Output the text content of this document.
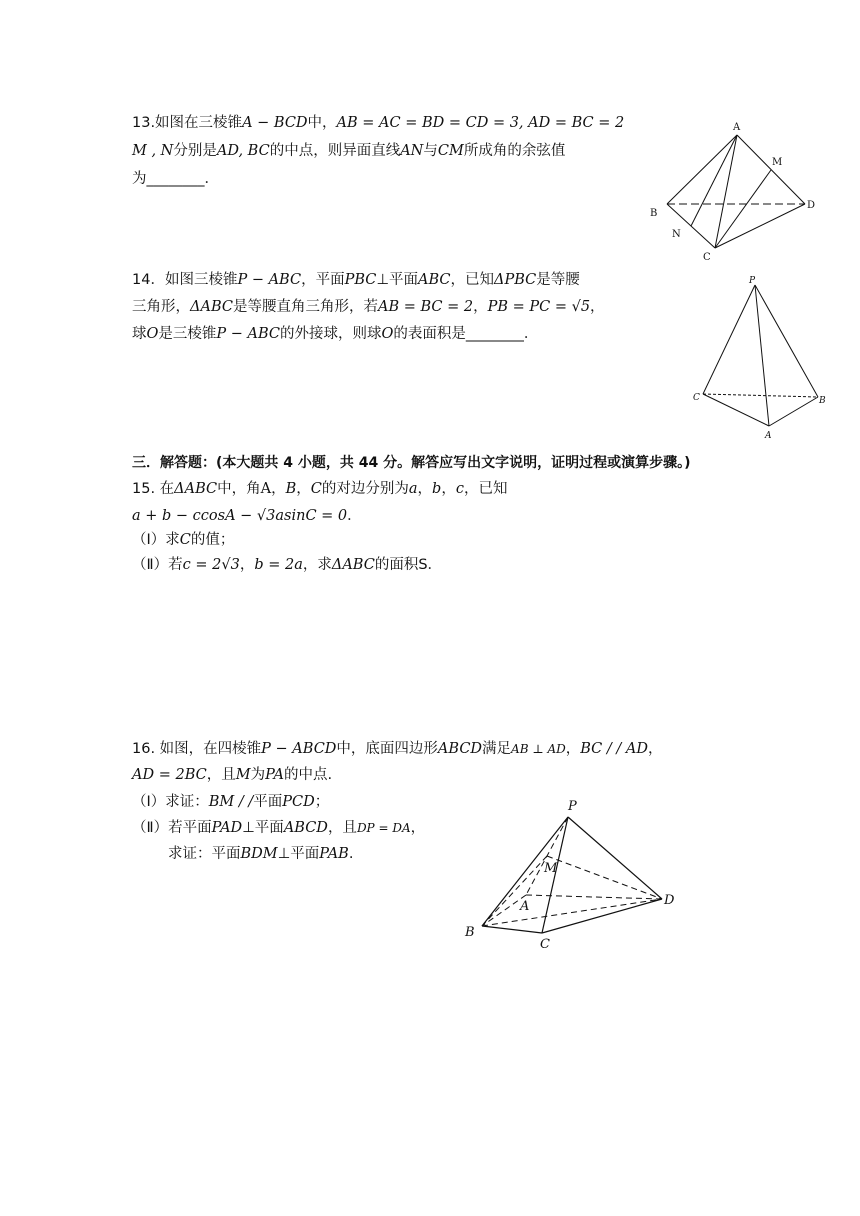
13.如图在三棱锥A − BCD中，AB = AC = BD = CD = 3, AD = BC = 2
M , N分别是AD, BC的中点，则异面直线AN与CM所成角的余弦值
为________．
A
B
C
D
M
N
14．如图三棱锥P − ABC，平面PBC⊥平面ABC，已知ΔPBC是等腰
三角形，ΔABC是等腰直角三角形，若AB = BC = 2，PB = PC = √5，
球O是三棱锥P − ABC的外接球，则球O的表面积是________．
P
C	B
A
三．解答题：(本大题共 4 小题，共 44 分。解答应写出文字说明，证明过程或演算步骤。)
15. 在ΔABC中，角A，B，C的对边分别为a，b，c，已知
a + b − ccosA − √3asinC = 0．
（Ⅰ）求C的值；
（Ⅱ）若c = 2√3，b = 2a，求ΔABC的面积S．
16. 如图，在四棱锥P − ABCD中，底面四边形ABCD满足AB ⊥ AD，BC / / AD，
AD = 2BC，且M为PA的中点.
（Ⅰ）求证：BM / /平面PCD；
（Ⅱ）若平面PAD⊥平面ABCD，且DP = DA，
求证：平面BDM⊥平面PAB.
P
M
A
B
C
D
